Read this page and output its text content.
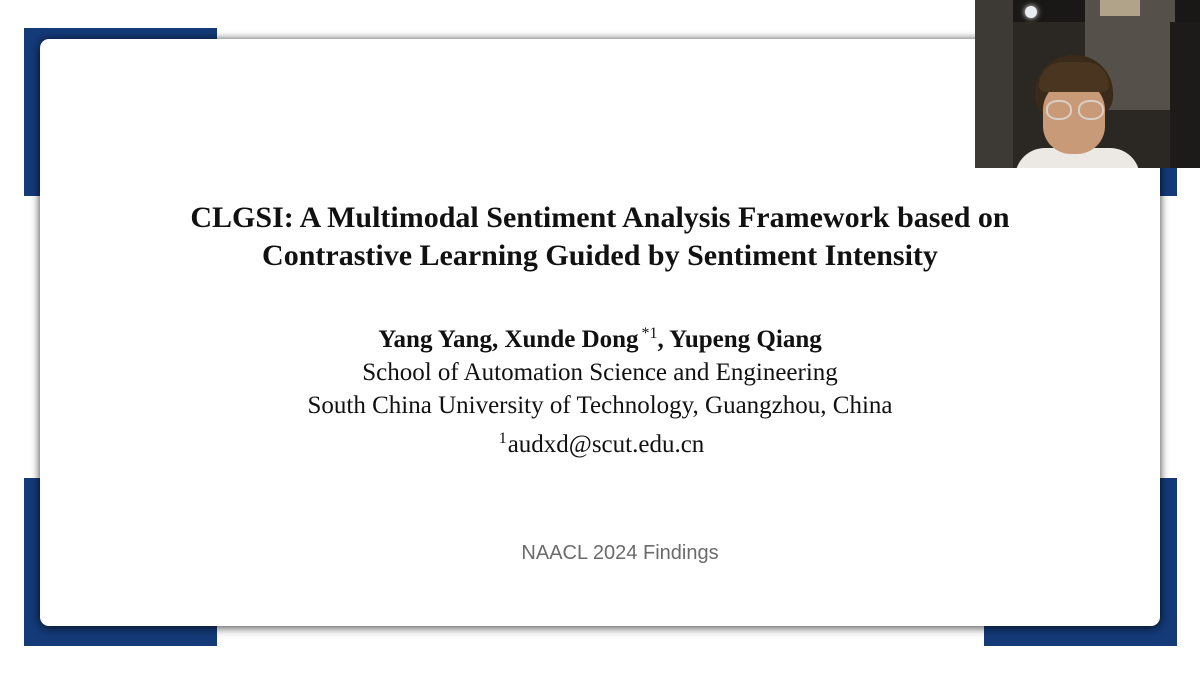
CLGSI: A Multimodal Sentiment Analysis Framework based on
Contrastive Learning Guided by Sentiment Intensity
Yang Yang, Xunde Dong $^{*1}$, Yupeng Qiang
School of Automation Science and Engineering
South China University of Technology, Guangzhou, China
$^1$audxd@scut.edu.cn
NAACL 2024 Findings
